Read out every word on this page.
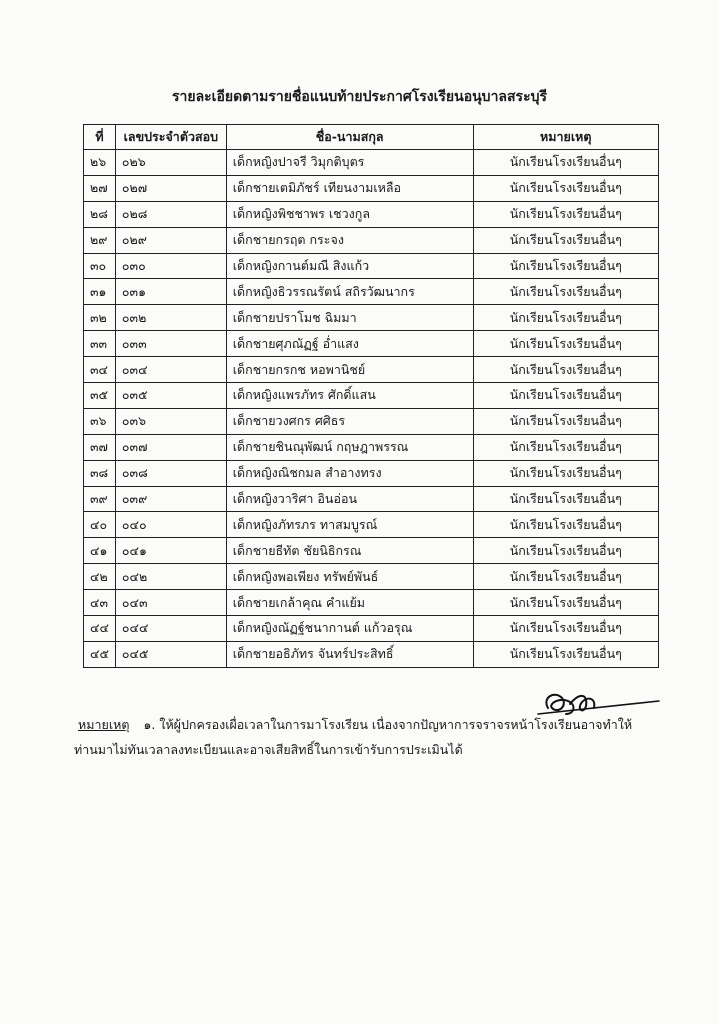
รายละเอียดตามรายชื่อแนบท้ายประกาศโรงเรียนอนุบาลสระบุรี
ที่	เลขประจำตัวสอบ	ชื่อ-นามสกุล	หมายเหตุ
๒๖	๐๒๖	เด็กหญิงปาจรี วิมุกติบุตร	นักเรียนโรงเรียนอื่นๆ
๒๗	๐๒๗	เด็กชายเตมิภัชร์ เทียนงามเหลือ	นักเรียนโรงเรียนอื่นๆ
๒๘	๐๒๘	เด็กหญิงพิชชาพร เชวงกูล	นักเรียนโรงเรียนอื่นๆ
๒๙	๐๒๙	เด็กชายกรฤต กระจง	นักเรียนโรงเรียนอื่นๆ
๓๐	๐๓๐	เด็กหญิงกานต์มณี สิงแก้ว	นักเรียนโรงเรียนอื่นๆ
๓๑	๐๓๑	เด็กหญิงธิวรรณรัตน์ สถิรวัฒนากร	นักเรียนโรงเรียนอื่นๆ
๓๒	๐๓๒	เด็กชายปราโมช ฉิมมา	นักเรียนโรงเรียนอื่นๆ
๓๓	๐๓๓	เด็กชายศุภณัฏฐ์ อ่ำแสง	นักเรียนโรงเรียนอื่นๆ
๓๔	๐๓๔	เด็กชายกรกช หอพานิชย์	นักเรียนโรงเรียนอื่นๆ
๓๕	๐๓๕	เด็กหญิงแพรภัทร ศักดิ์แสน	นักเรียนโรงเรียนอื่นๆ
๓๖	๐๓๖	เด็กชายวงศกร ศศิธร	นักเรียนโรงเรียนอื่นๆ
๓๗	๐๓๗	เด็กชายชินณุพัฒน์ กฤษฎาพรรณ	นักเรียนโรงเรียนอื่นๆ
๓๘	๐๓๘	เด็กหญิงณิชกมล สำอางทรง	นักเรียนโรงเรียนอื่นๆ
๓๙	๐๓๙	เด็กหญิงวาริศา อินอ่อน	นักเรียนโรงเรียนอื่นๆ
๔๐	๐๔๐	เด็กหญิงภัทรภร ทาสมบูรณ์	นักเรียนโรงเรียนอื่นๆ
๔๑	๐๔๑	เด็กชายธีทัต ชัยนิธิกรณ	นักเรียนโรงเรียนอื่นๆ
๔๒	๐๔๒	เด็กหญิงพอเพียง ทรัพย์พันธ์	นักเรียนโรงเรียนอื่นๆ
๔๓	๐๔๓	เด็กชายเกล้าคุณ คำแย้ม	นักเรียนโรงเรียนอื่นๆ
๔๔	๐๔๔	เด็กหญิงณัฏฐ์ชนากานต์ แก้วอรุณ	นักเรียนโรงเรียนอื่นๆ
๔๕	๐๔๕	เด็กชายอธิภัทร จันทร์ประสิทธิ์	นักเรียนโรงเรียนอื่นๆ
หมายเหตุ ๑. ให้ผู้ปกครองเผื่อเวลาในการมาโรงเรียน เนื่องจากปัญหาการจราจรหน้าโรงเรียนอาจทำให้
ท่านมาไม่ทันเวลาลงทะเบียนและอาจเสียสิทธิ์ในการเข้ารับการประเมินได้
